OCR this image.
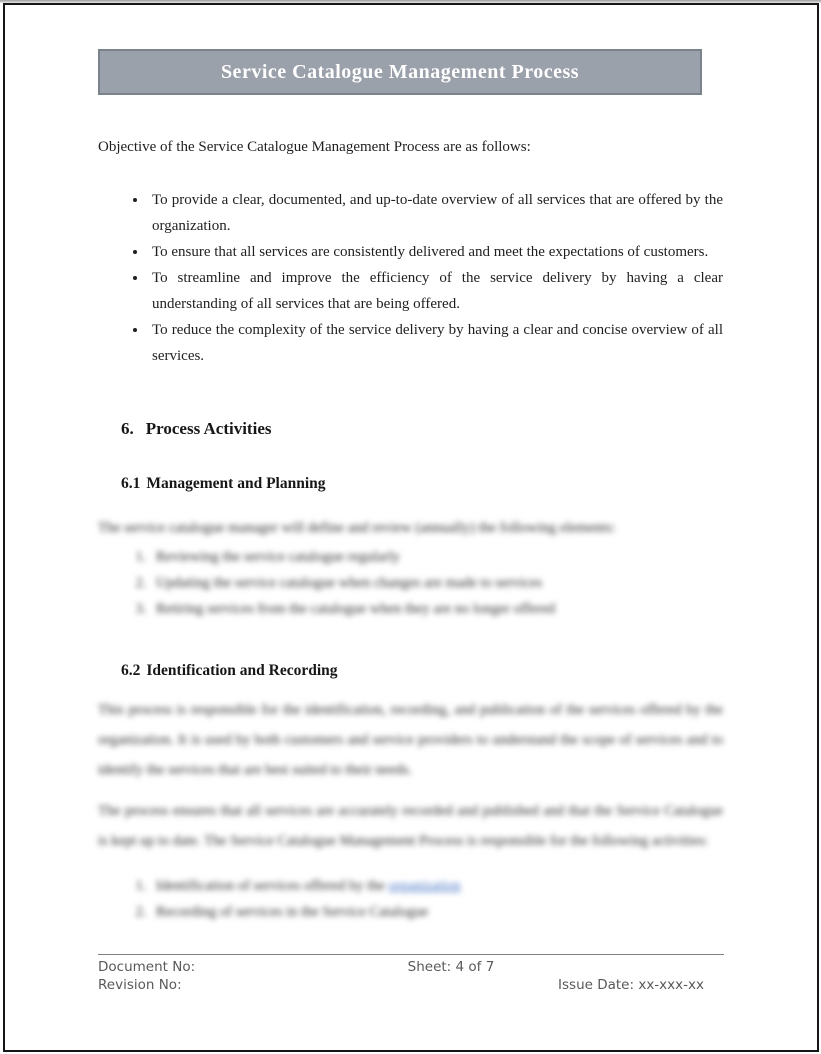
Service Catalogue Management Process

Objective of the Service Catalogue Management Process are as follows:

• To provide a clear, documented, and up-to-date overview of all services that are offered by the organization.
• To ensure that all services are consistently delivered and meet the expectations of customers.
• To streamline and improve the efficiency of the service delivery by having a clear understanding of all services that are being offered.
• To reduce the complexity of the service delivery by having a clear and concise overview of all services.
6. Process Activities
6.1 Management and Planning

The service catalogue manager will define and review (annually) the following elements:

1. Reviewing the service catalogue regularly
2. Updating the service catalogue when changes are made to services
3. Retiring services from the catalogue when they are no longer offered
6.2 Identification and Recording

This process is responsible for the identification, recording, and publication of the services offered by the organization. It is used by both customers and service providers to understand the scope of services and to identify the services that are best suited to their needs.

The process ensures that all services are accurately recorded and published and that the Service Catalogue is kept up to date. The Service Catalogue Management Process is responsible for the following activities:

1. Identification of services offered by the organization
2. Recording of services in the Service Catalogue
Document No:	Sheet: 4 of 7
Revision No:	Issue Date: xx-xxx-xx
